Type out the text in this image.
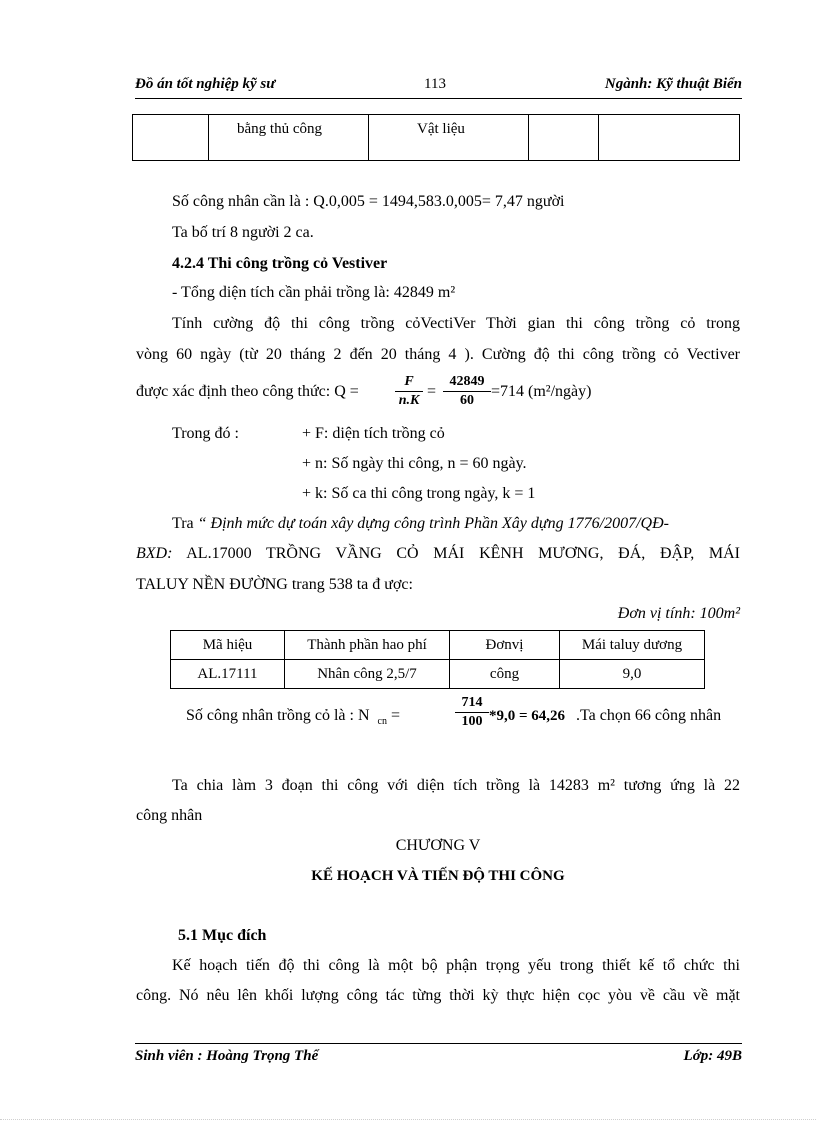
Đồ án tốt nghiệp kỹ sư	113	Ngành: Kỹ thuật Biển

bằng thủ công	Vật liệu

Số công nhân cần là : Q.0,005 = 1494,583.0,005= 7,47 người
Ta bố trí 8 người 2 ca.
4.2.4 Thi công trồng cỏ Vestiver
- Tổng diện tích cần phải trồng là: 42849 m²
Tính cường độ thi công trồng cỏVectiVer Thời gian thi công trồng cỏ trong
vòng 60 ngày (từ 20 tháng 2 đến 20 tháng 4 ). Cường độ thi công trồng cỏ Vectiver
được xác định theo công thức: Q =	$\frac{F}{n.K} = \frac{42849}{60} =714$ (m²/ngày)
Trong đó :	+ F: diện tích trồng cỏ
+ n: Số ngày thi công, n = 60 ngày.
+ k: Số ca thi công trong ngày, k = 1
Tra “ Định mức dự toán xây dựng công trình Phần Xây dựng 1776/2007/QĐ-
BXD: AL.17000 TRỒNG VẦNG CỎ MÁI KÊNH MƯƠNG, ĐÁ, ĐẬP, MÁI
TALUY NỀN ĐƯỜNG trang 538 ta đ ược:
Đơn vị tính: 100m²
Mã hiệu	Thành phần hao phí	Đơnvị	Mái taluy dương
AL.17111	Nhân công 2,5/7	công	9,0
Số công nhân trồng cỏ là : N $_{cn}$ =	$\frac{714}{100} *9,0 = 64,26$ .Ta chọn 66 công nhân
Ta chia làm 3 đoạn thi công với diện tích trồng là 14283 m² tương ứng là 22
công nhân
CHƯƠNG V
KẾ HOẠCH VÀ TIẾN ĐỘ THI CÔNG
5.1 Mục đích
Kế hoạch tiến độ thi công là một bộ phận trọng yếu trong thiết kế tổ chức thi
công. Nó nêu lên khối lượng công tác từng thời kỳ thực hiện cọc yòu về cầu về mặt
Sinh viên : Hoàng Trọng Thể	Lớp: 49B
